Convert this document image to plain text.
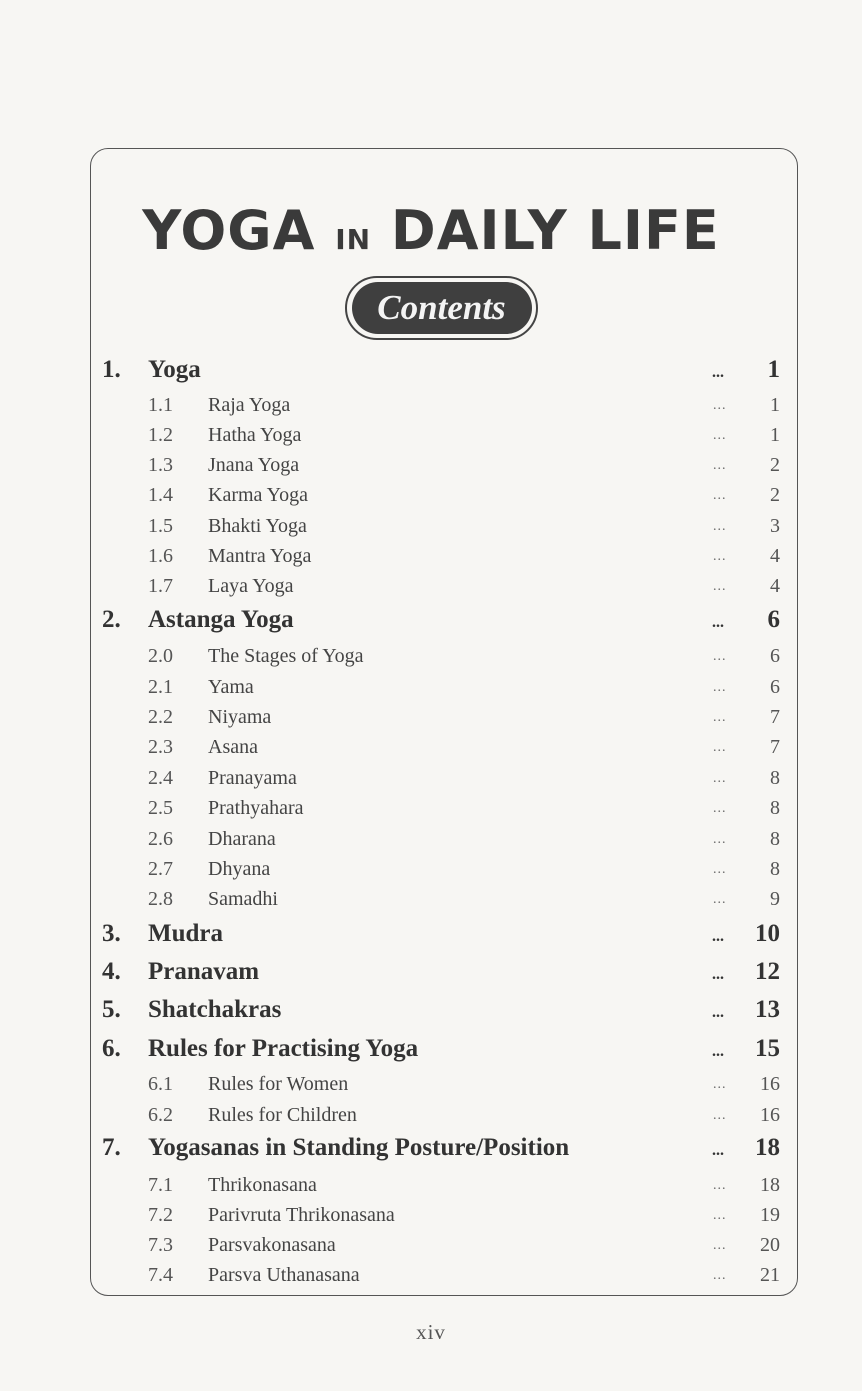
YOGA IN DAILY LIFE
Contents
1. Yoga	... 1
1.1 Raja Yoga	... 1
1.2 Hatha Yoga	... 1
1.3 Jnana Yoga	... 2
1.4 Karma Yoga	... 2
1.5 Bhakti Yoga	... 3
1.6 Mantra Yoga	... 4
1.7 Laya Yoga	... 4
2. Astanga Yoga	... 6
2.0 The Stages of Yoga	... 6
2.1 Yama	... 6
2.2 Niyama	... 7
2.3 Asana	... 7
2.4 Pranayama	... 8
2.5 Prathyahara	... 8
2.6 Dharana	... 8
2.7 Dhyana	... 8
2.8 Samadhi	... 9
3. Mudra	... 10
4. Pranavam	... 12
5. Shatchakras	... 13
6. Rules for Practising Yoga	... 15
6.1 Rules for Women	... 16
6.2 Rules for Children	... 16
7. Yogasanas in Standing Posture/Position	... 18
7.1 Thrikonasana	... 18
7.2 Parivruta Thrikonasana	... 19
7.3 Parsvakonasana	... 20
7.4 Parsva Uthanasana	... 21
xiv
